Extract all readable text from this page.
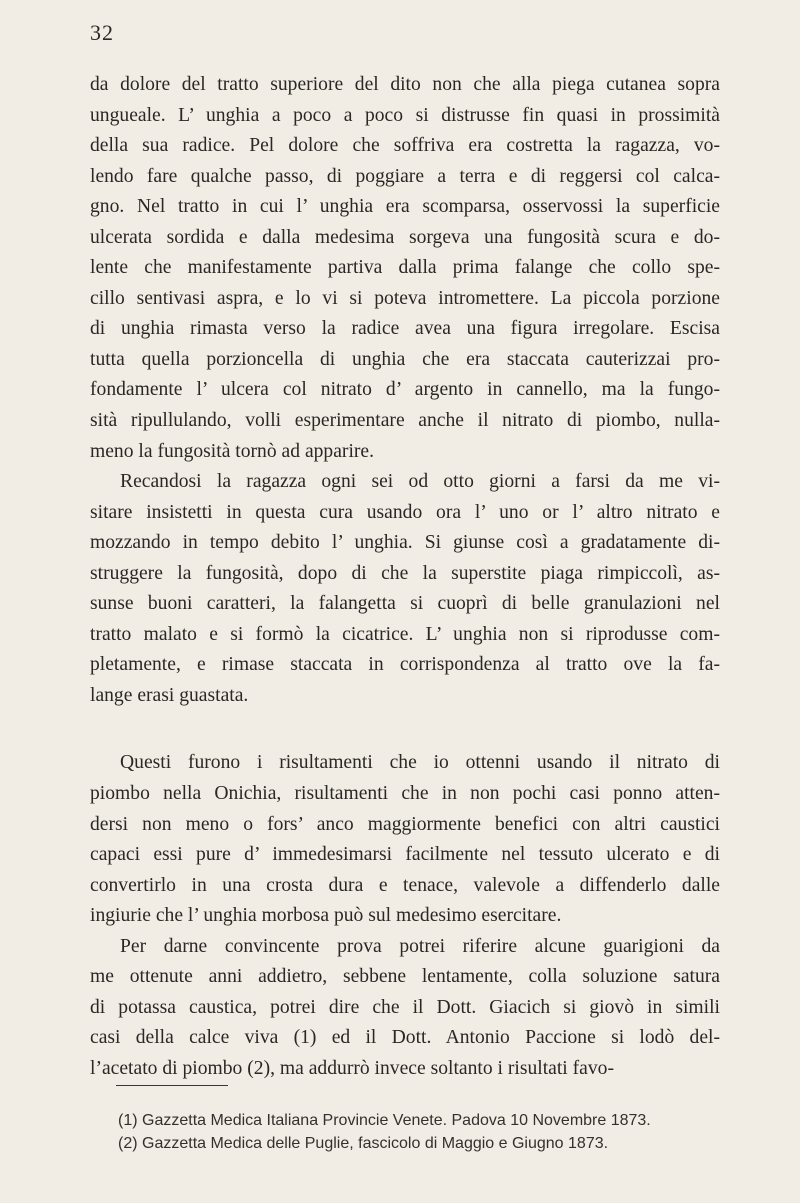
32
da dolore del tratto superiore del dito non che alla piega cutanea sopra
ungueale. L’ unghia a poco a poco si distrusse fin quasi in prossimità
della sua radice. Pel dolore che soffriva era costretta la ragazza, vo-
lendo fare qualche passo, di poggiare a terra e di reggersi col calca-
gno. Nel tratto in cui l’ unghia era scomparsa, osservossi la superficie
ulcerata sordida e dalla medesima sorgeva una fungosità scura e do-
lente che manifestamente partiva dalla prima falange che collo spe-
cillo sentivasi aspra, e lo vi si poteva intromettere. La piccola porzione
di unghia rimasta verso la radice avea una figura irregolare. Escisa
tutta quella porzioncella di unghia che era staccata cauterizzai pro-
fondamente l’ ulcera col nitrato d’ argento in cannello, ma la fungo-
sità ripullulando, volli esperimentare anche il nitrato di piombo, nulla-
meno la fungosità tornò ad apparire.
Recandosi la ragazza ogni sei od otto giorni a farsi da me vi-
sitare insistetti in questa cura usando ora l’ uno or l’ altro nitrato e
mozzando in tempo debito l’ unghia. Si giunse così a gradatamente di-
struggere la fungosità, dopo di che la superstite piaga rimpiccolì, as-
sunse buoni caratteri, la falangetta si cuoprì di belle granulazioni nel
tratto malato e si formò la cicatrice. L’ unghia non si riprodusse com-
pletamente, e rimase staccata in corrispondenza al tratto ove la fa-
lange erasi guastata.
Questi furono i risultamenti che io ottenni usando il nitrato di
piombo nella Onichia, risultamenti che in non pochi casi ponno atten-
dersi non meno o fors’ anco maggiormente benefici con altri caustici
capaci essi pure d’ immedesimarsi facilmente nel tessuto ulcerato e di
convertirlo in una crosta dura e tenace, valevole a diffenderlo dalle
ingiurie che l’ unghia morbosa può sul medesimo esercitare.
Per darne convincente prova potrei riferire alcune guarigioni da
me ottenute anni addietro, sebbene lentamente, colla soluzione satura
di potassa caustica, potrei dire che il Dott. Giacich si giovò in simili
casi della calce viva (1) ed il Dott. Antonio Paccione si lodò del-
l’acetato di piombo (2), ma addurrò invece soltanto i risultati favo-
(1) Gazzetta Medica Italiana Provincie Venete. Padova 10 Novembre 1873.
(2) Gazzetta Medica delle Puglie, fascicolo di Maggio e Giugno 1873.
